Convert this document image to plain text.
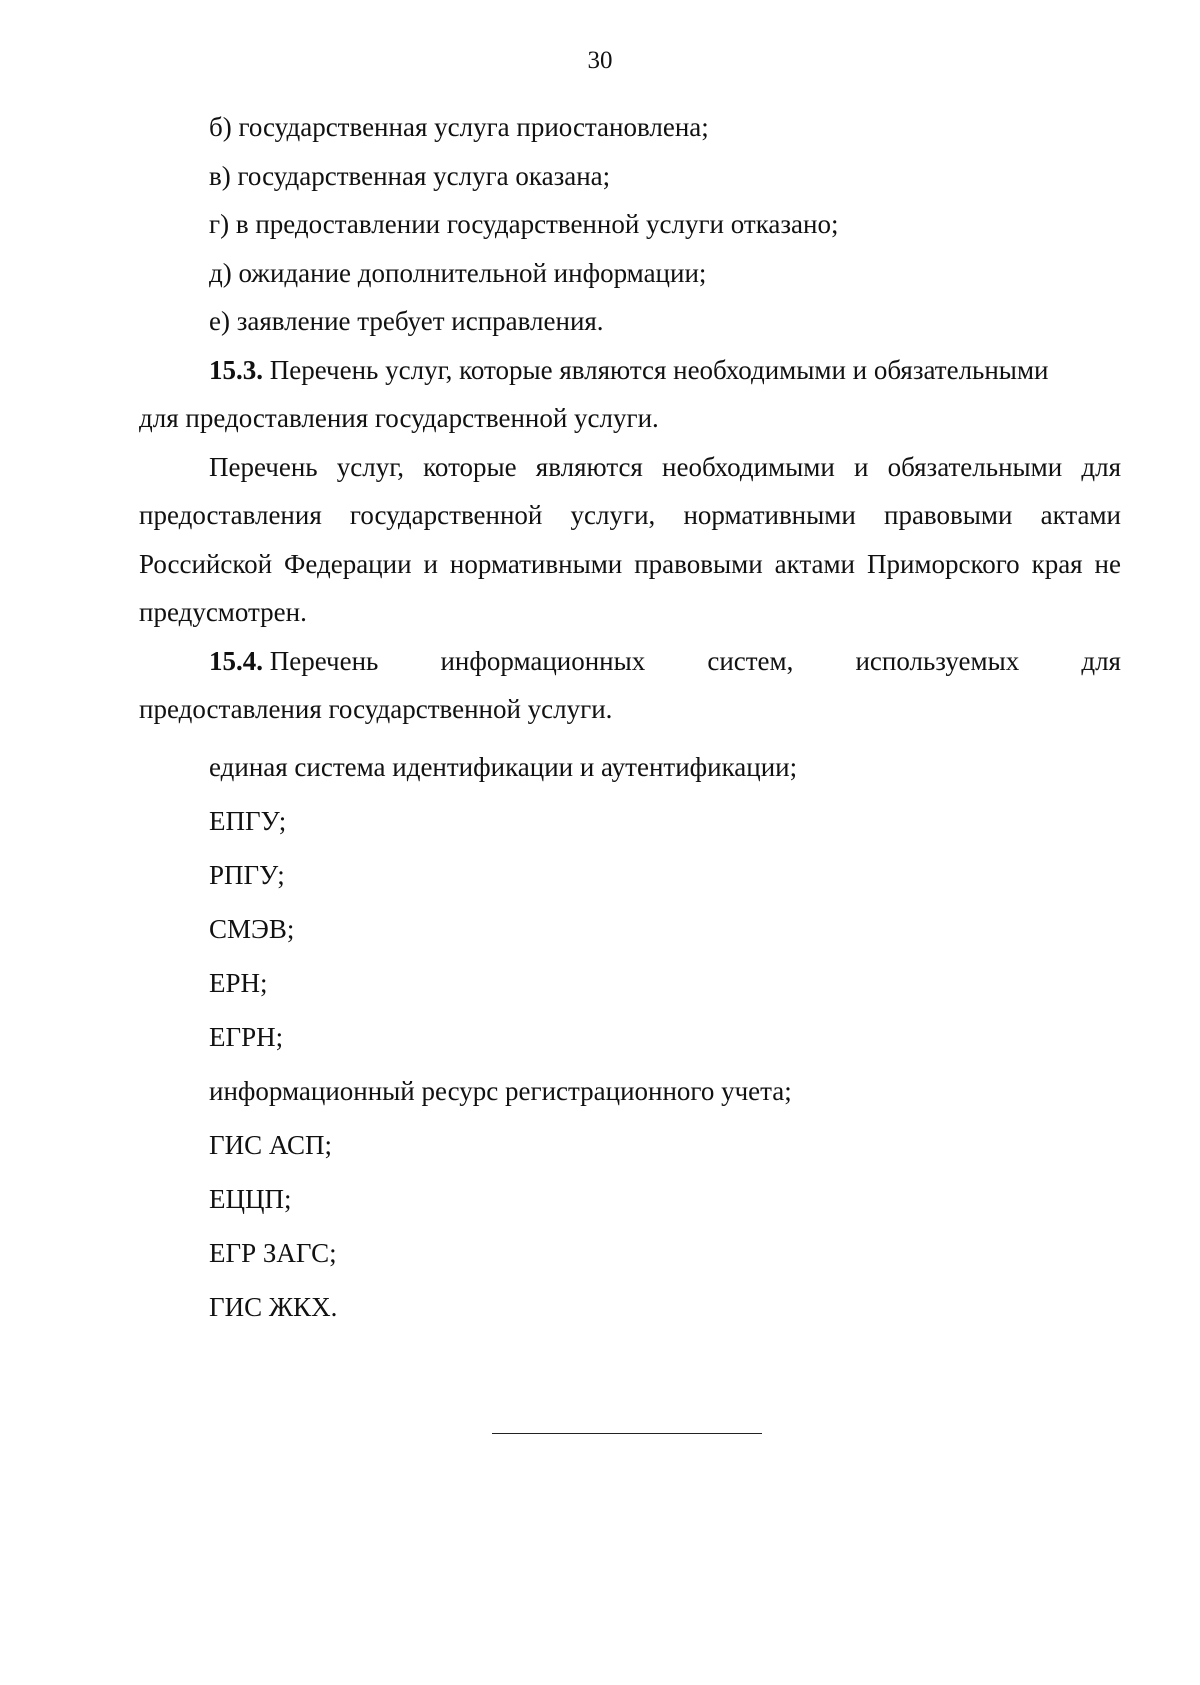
30

б) государственная услуга приостановлена;

в) государственная услуга оказана;

г) в предоставлении государственной услуги отказано;

д) ожидание дополнительной информации;

е) заявление требует исправления.

15.3. Перечень услуг, которые являются необходимыми и обязательными

для предоставления государственной услуги.

Перечень услуг, которые являются необходимыми и обязательными для предоставления государственной услуги, нормативными правовыми актами Российской Федерации и нормативными правовыми актами Приморского края не предусмотрен.

15.4. Перечень информационных систем, используемых для

предоставления государственной услуги.

единая система идентификации и аутентификации;

ЕПГУ;

РПГУ;

СМЭВ;

ЕРН;

ЕГРН;

информационный ресурс регистрационного учета;

ГИС АСП;

ЕЦЦП;

ЕГР ЗАГС;

ГИС ЖКХ.
